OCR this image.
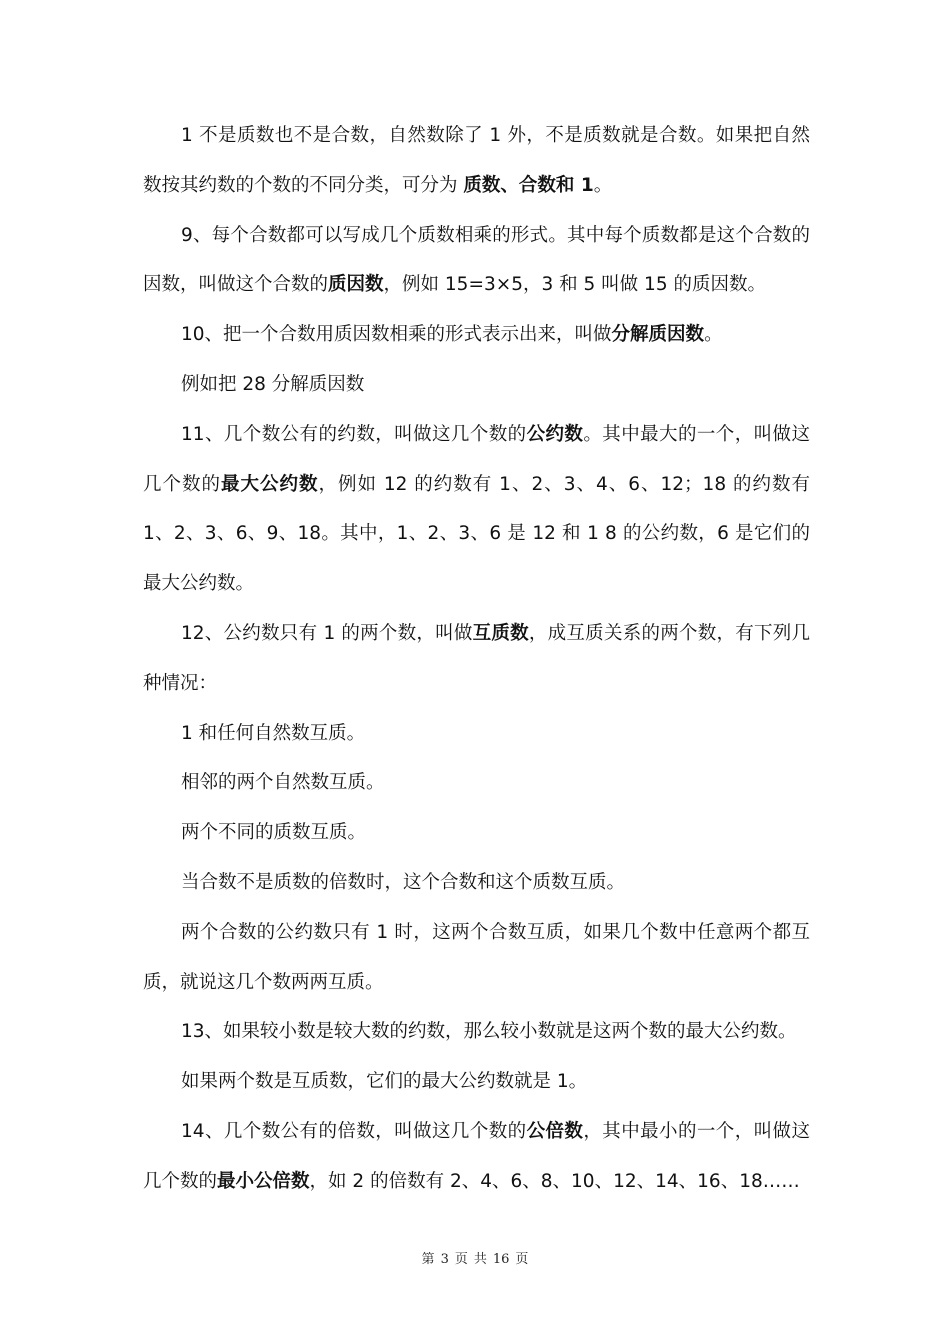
1 不是质数也不是合数，自然数除了 1 外，不是质数就是合数。如果把自然数按其约数的个数的不同分类，可分为 质数、合数和 1。

9、每个合数都可以写成几个质数相乘的形式。其中每个质数都是这个合数的因数，叫做这个合数的质因数，例如 15=3×5，3 和 5 叫做 15 的质因数。

10、把一个合数用质因数相乘的形式表示出来，叫做分解质因数。

例如把 28 分解质因数

11、几个数公有的约数，叫做这几个数的公约数。其中最大的一个，叫做这几个数的最大公约数，例如 12 的约数有 1、2、3、4、6、12；18 的约数有 1、2、3、6、9、18。其中，1、2、3、6 是 12 和 1 8 的公约数，6 是它们的最大公约数。

12、公约数只有 1 的两个数，叫做互质数，成互质关系的两个数，有下列几种情况：

1 和任何自然数互质。

相邻的两个自然数互质。

两个不同的质数互质。

当合数不是质数的倍数时，这个合数和这个质数互质。

两个合数的公约数只有 1 时，这两个合数互质，如果几个数中任意两个都互质，就说这几个数两两互质。

13、如果较小数是较大数的约数，那么较小数就是这两个数的最大公约数。

如果两个数是互质数，它们的最大公约数就是 1。

14、几个数公有的倍数，叫做这几个数的公倍数，其中最小的一个，叫做这几个数的最小公倍数，如 2 的倍数有 2、4、6、8、10、12、14、16、18……

第 3 页 共 16 页
